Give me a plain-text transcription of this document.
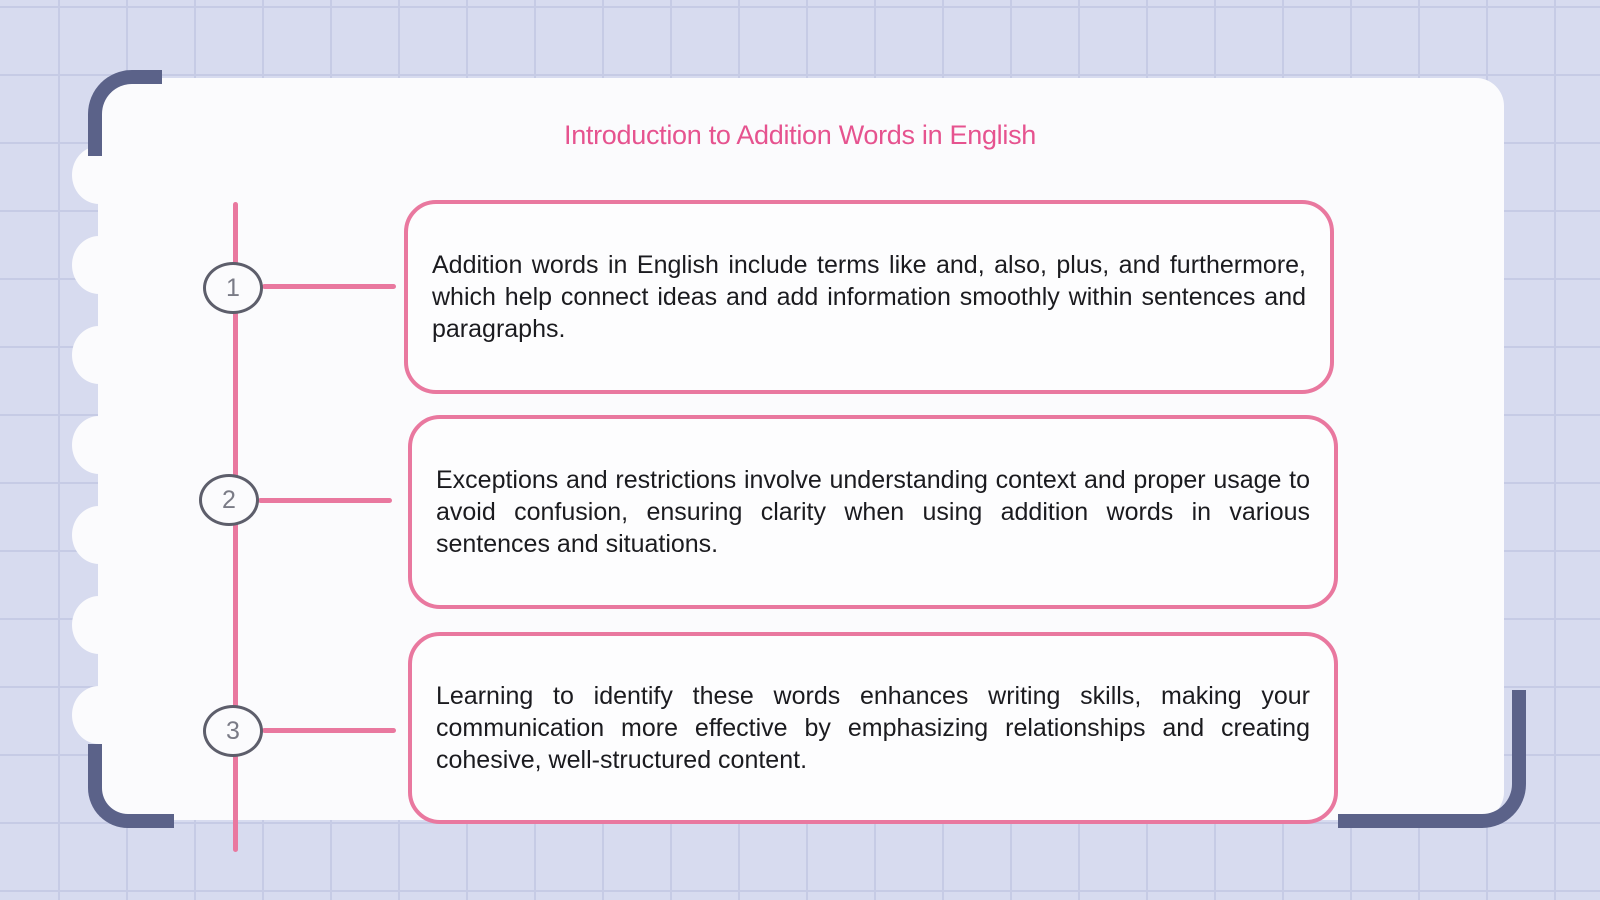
Introduction to Addition Words in English
1
2
3

Addition words in English include terms like and, also, plus, and furthermore, which help connect ideas and add information smoothly within sentences and paragraphs.

Exceptions and restrictions involve understanding context and proper usage to avoid confusion, ensuring clarity when using addition words in various sentences and situations.

Learning to identify these words enhances writing skills, making your communication more effective by emphasizing relationships and creating cohesive, well-structured content.
